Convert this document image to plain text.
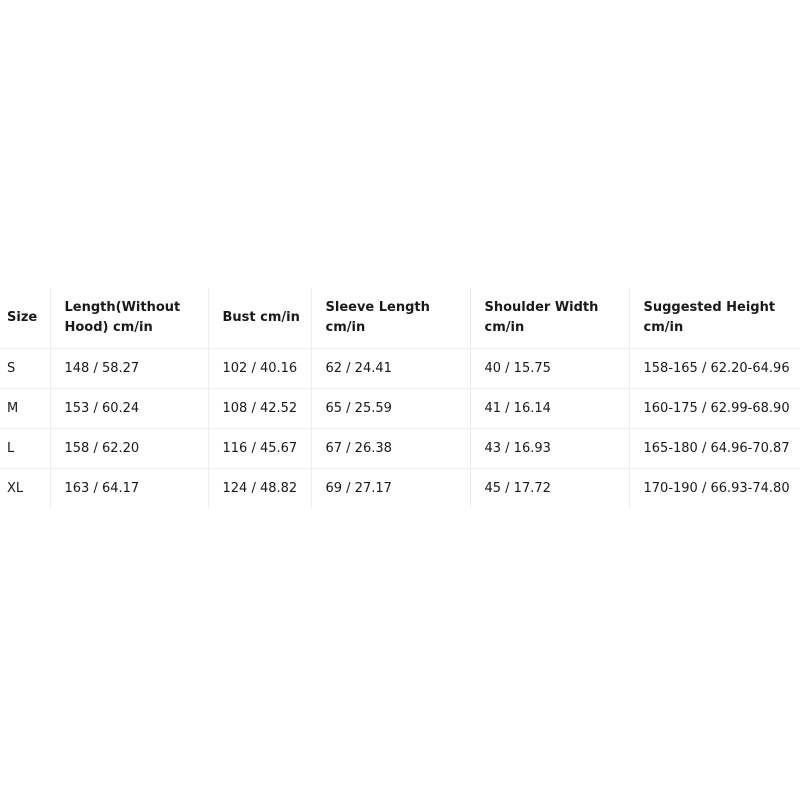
Size	Length(Without Hood) cm/in	Bust cm/in	Sleeve Length cm/in	Shoulder Width cm/in	Suggested Height cm/in
S	148 / 58.27	102 / 40.16	62 / 24.41	40 / 15.75	158-165 / 62.20-64.96
M	153 / 60.24	108 / 42.52	65 / 25.59	41 / 16.14	160-175 / 62.99-68.90
L	158 / 62.20	116 / 45.67	67 / 26.38	43 / 16.93	165-180 / 64.96-70.87
XL	163 / 64.17	124 / 48.82	69 / 27.17	45 / 17.72	170-190 / 66.93-74.80
